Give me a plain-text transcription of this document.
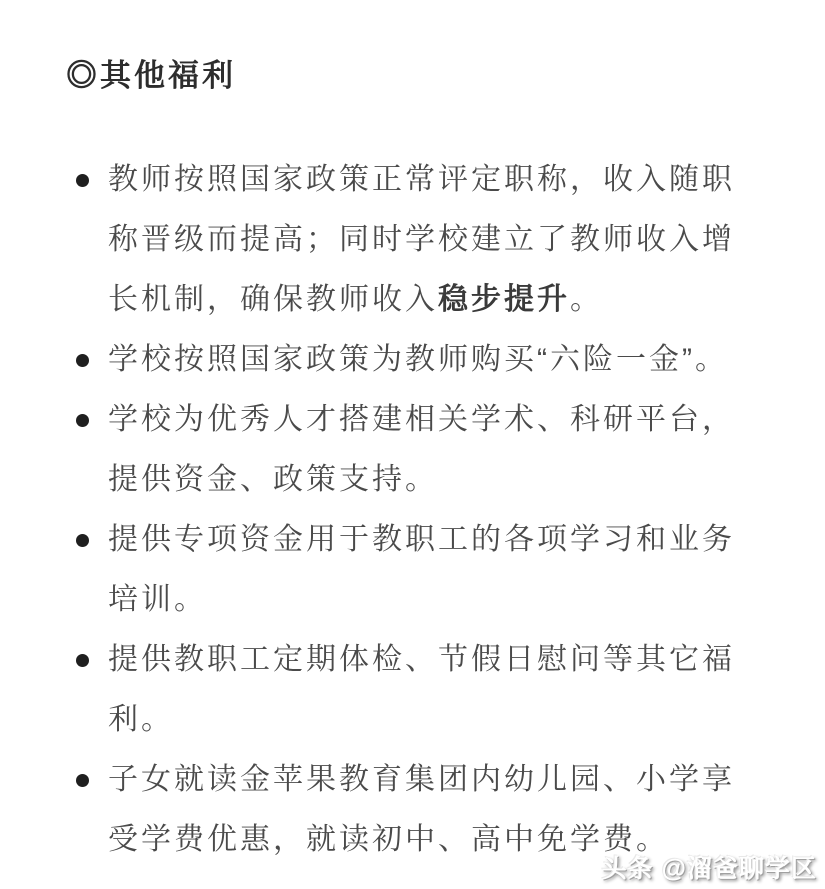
◎其他福利
教师按照国家政策正常评定职称，收入随职
称晋级而提高；同时学校建立了教师收入增
长机制，确保教师收入稳步提升。
学校按照国家政策为教师购买“六险一金”。
学校为优秀人才搭建相关学术、科研平台，
提供资金、政策支持。
提供专项资金用于教职工的各项学习和业务
培训。
提供教职工定期体检、节假日慰问等其它福
利。
子女就读金苹果教育集团内幼儿园、小学享
受学费优惠，就读初中、高中免学费。
头条 @溜爸聊学区
